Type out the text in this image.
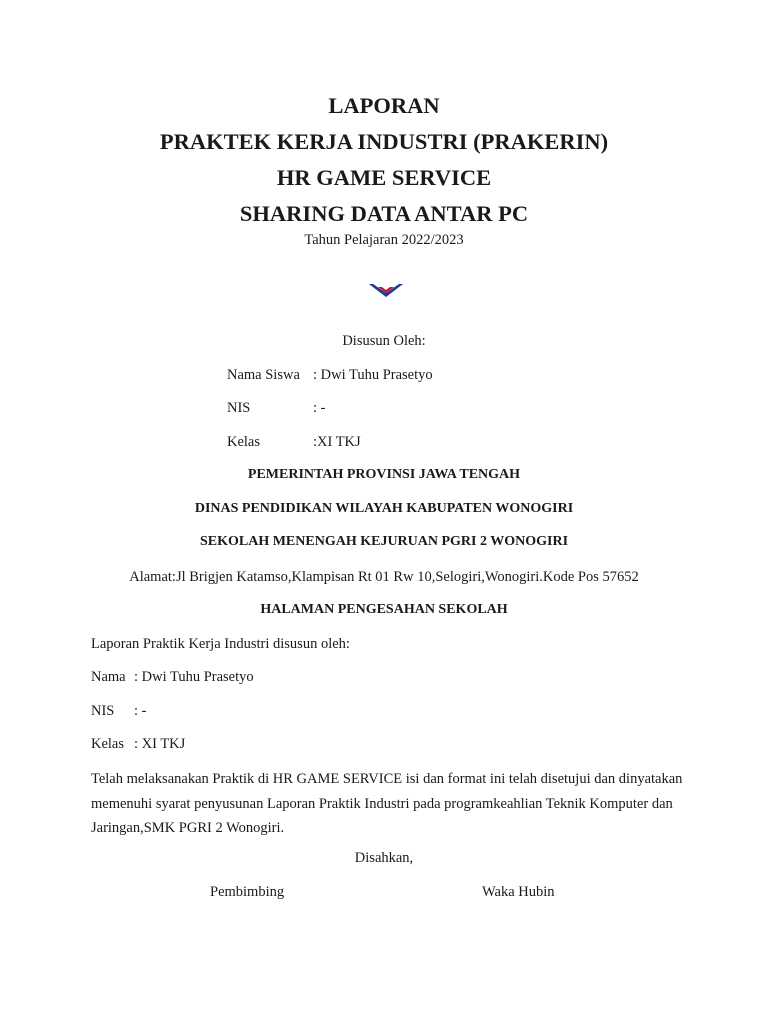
LAPORAN
PRAKTEK KERJA INDUSTRI (PRAKERIN)
HR GAME SERVICE
SHARING DATA ANTAR PC
Tahun Pelajaran 2022/2023
Disusun Oleh:
Nama Siswa : Dwi Tuhu Prasetyo
NIS	: -
Kelas	:XI TKJ
PEMERINTAH PROVINSI JAWA TENGAH
DINAS PENDIDIKAN WILAYAH KABUPATEN WONOGIRI
SEKOLAH MENENGAH KEJURUAN PGRI 2 WONOGIRI
Alamat:Jl Brigjen Katamso,Klampisan Rt 01 Rw 10,Selogiri,Wonogiri.Kode Pos 57652
HALAMAN PENGESAHAN SEKOLAH
Laporan Praktik Kerja Industri disusun oleh:
Nama : Dwi Tuhu Prasetyo
NIS : -
Kelas : XI TKJ
Telah melaksanakan Praktik di HR GAME SERVICE isi dan format ini telah disetujui dan dinyatakan memenuhi syarat penyusunan Laporan Praktik Industri pada programkeahlian Teknik Komputer dan Jaringan,SMK PGRI 2 Wonogiri.
Disahkan,
Pembimbing	Waka Hubin
